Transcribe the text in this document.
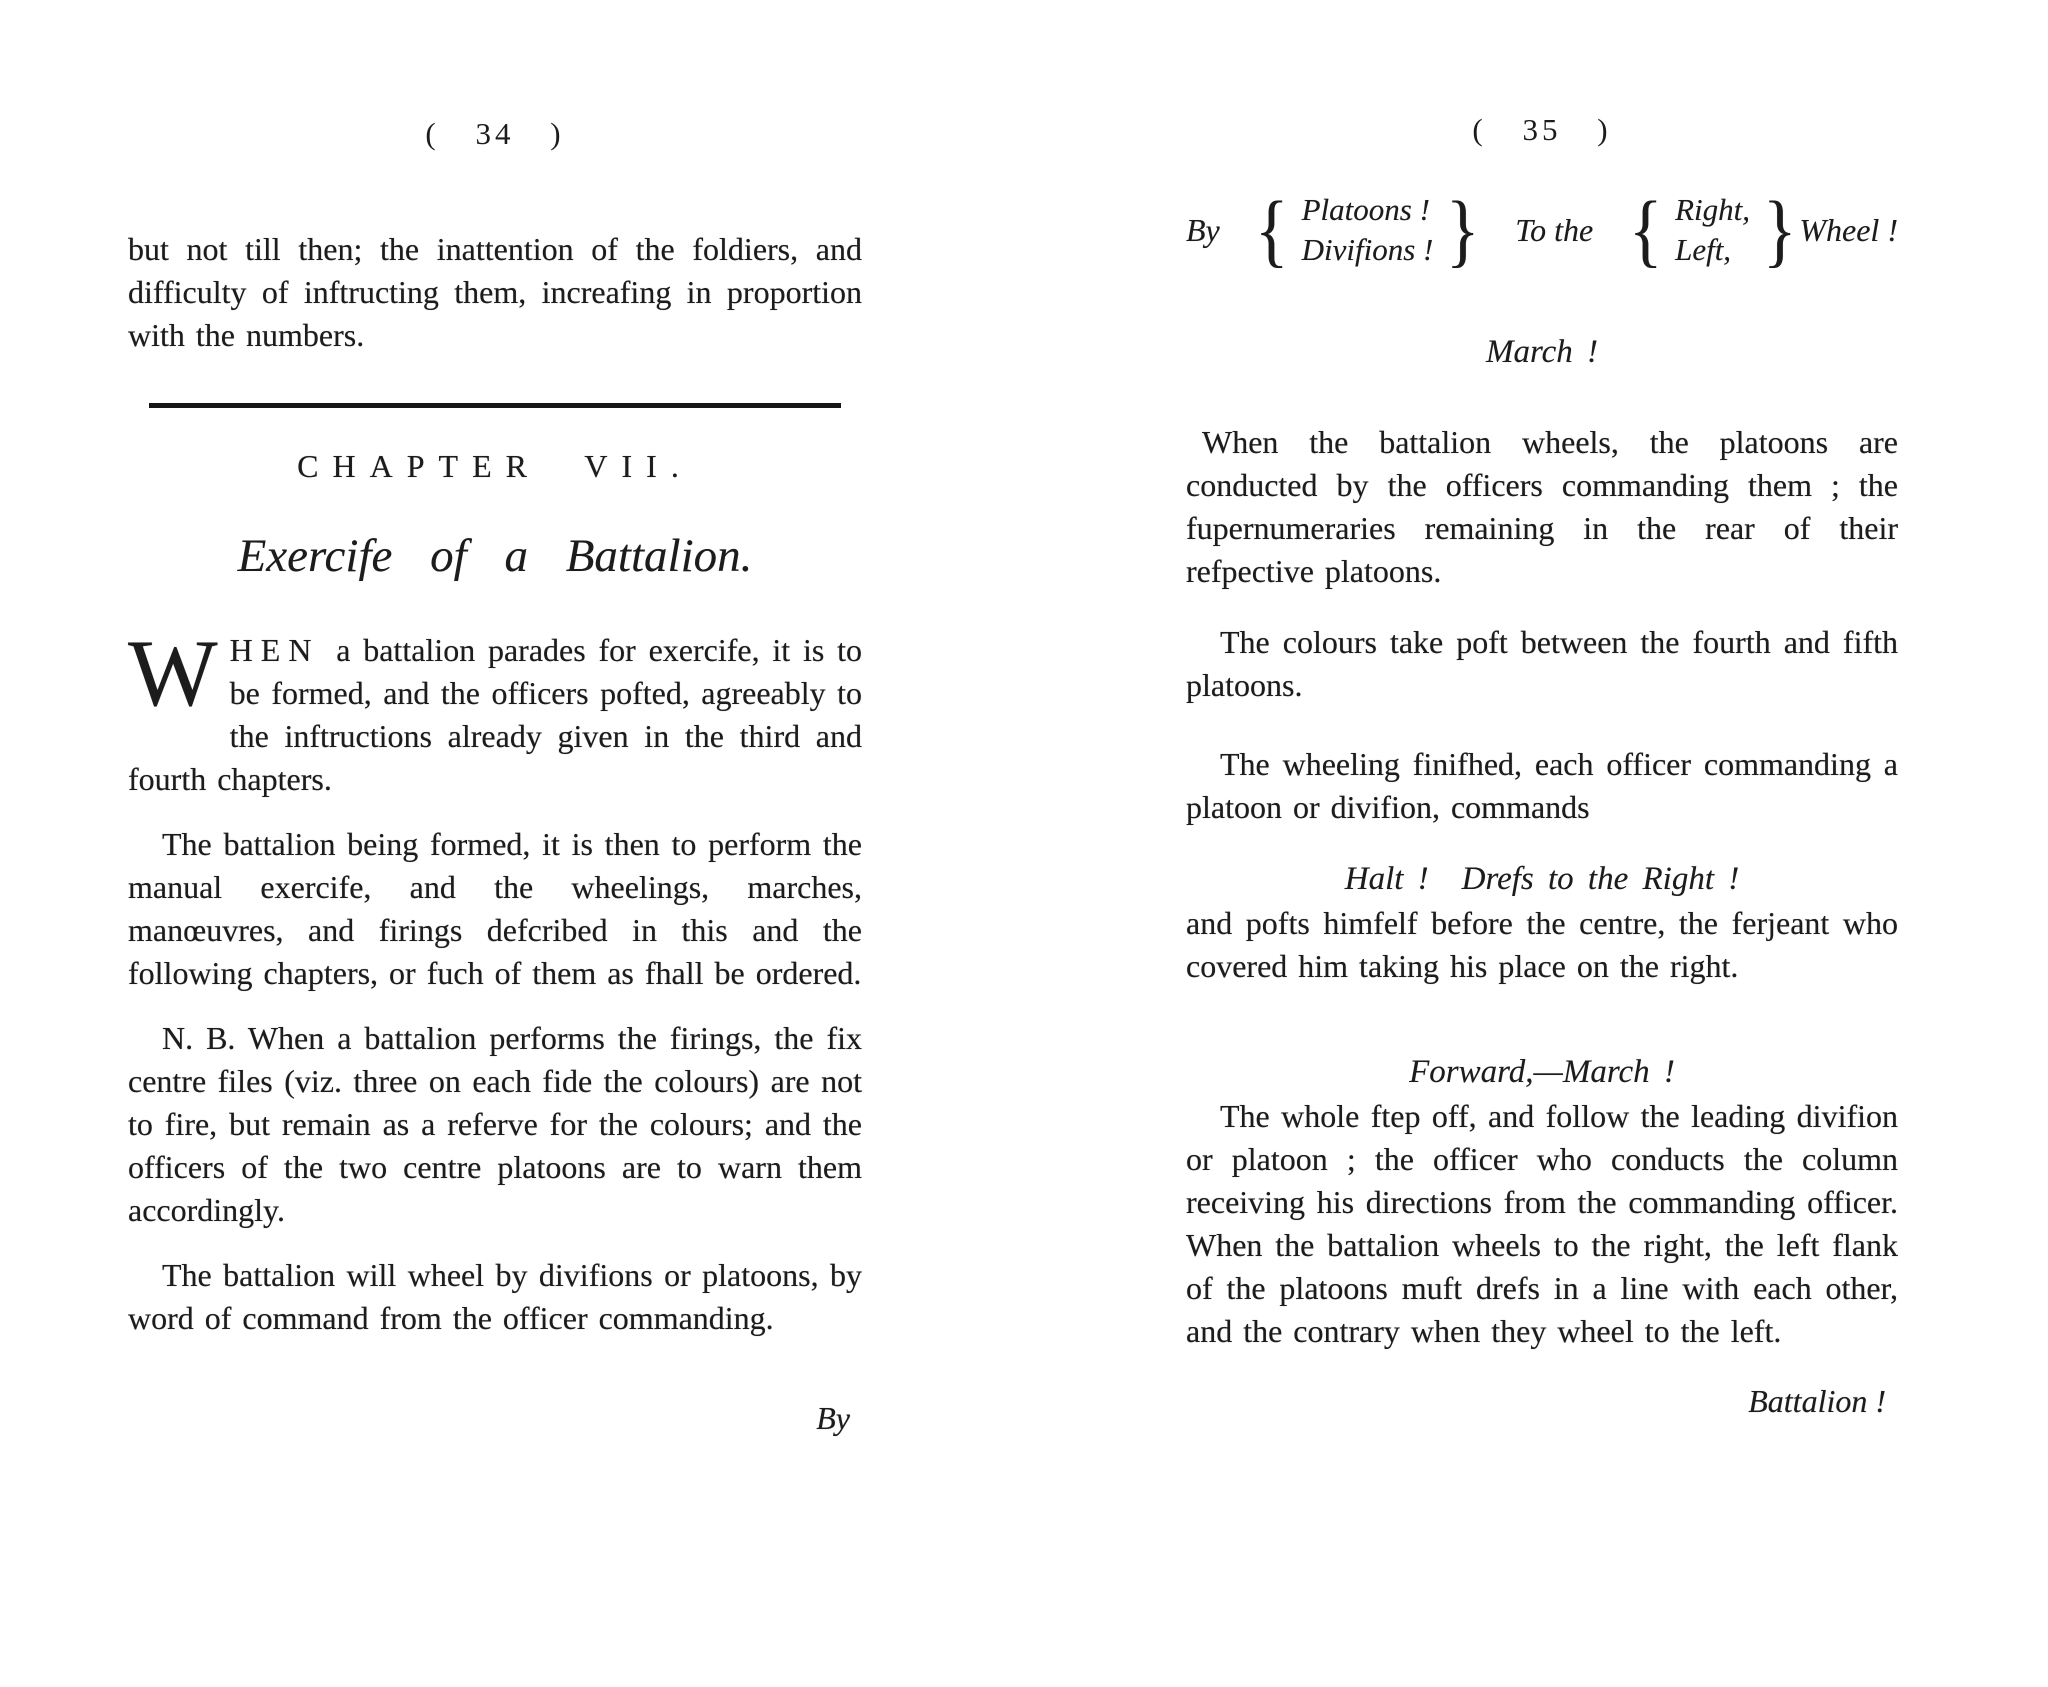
( 34 )

but not till then; the inattention of the foldiers, and difficulty of inftructing them, increafing in proportion with the numbers.

CHAPTER VII.
Exercife of a Battalion.

WHEN a battalion parades for exercife, it is to be formed, and the officers pofted, agreeably to the inftructions already given in the third and fourth chapters.

The battalion being formed, it is then to perform the manual exercife, and the wheelings, marches, manœuvres, and firings defcribed in this and the following chapters, or fuch of them as fhall be ordered.

N. B. When a battalion performs the firings, the fix centre files (viz. three on each fide the colours) are not to fire, but remain as a referve for the colours; and the officers of the two centre platoons are to warn them accordingly.

The battalion will wheel by divifions or platoons, by word of command from the officer commanding.

By
( 35 )
By { Platoons !
Divifions ! } To the { Right,
Left, } Wheel !
March !

When the battalion wheels, the platoons are conducted by the officers commanding them ; the fupernumeraries remaining in the rear of their refpective platoons.

The colours take poft between the fourth and fifth platoons.

The wheeling finifhed, each officer commanding a platoon or divifion, commands

Halt ! Drefs to the Right !

and pofts himfelf before the centre, the ferjeant who covered him taking his place on the right.

Forward,—March !

The whole ftep off, and follow the leading divifion or platoon ; the officer who conducts the column receiving his directions from the commanding officer. When the battalion wheels to the right, the left flank of the platoons muft drefs in a line with each other, and the contrary when they wheel to the left.

Battalion !
